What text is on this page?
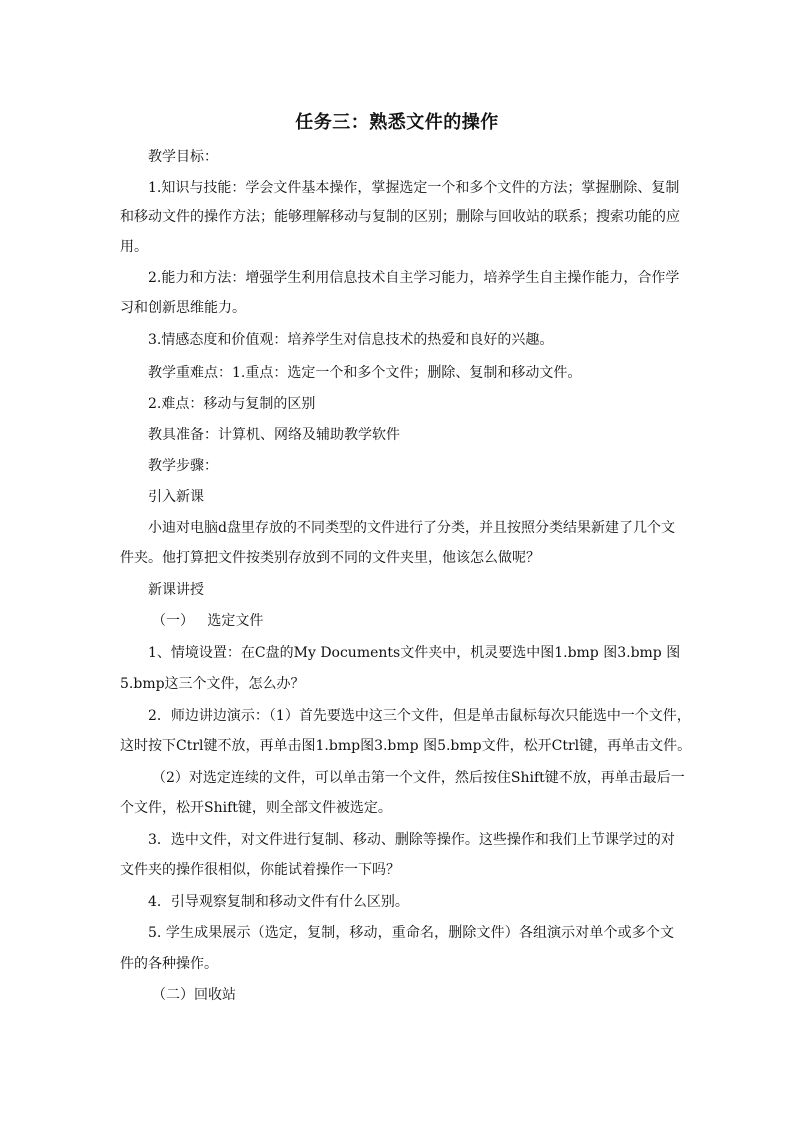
任务三：熟悉文件的操作
教学目标：
1.知识与技能：学会文件基本操作，掌握选定一个和多个文件的方法；掌握删除、复制
和移动文件的操作方法；能够理解移动与复制的区别；删除与回收站的联系；搜索功能的应
用。
2.能力和方法：增强学生利用信息技术自主学习能力，培养学生自主操作能力，合作学
习和创新思维能力。
3.情感态度和价值观：培养学生对信息技术的热爱和良好的兴趣。
教学重难点：1.重点：选定一个和多个文件；删除、复制和移动文件。
2.难点：移动与复制的区别
教具准备：计算机、网络及辅助教学软件
教学步骤：
引入新课
小迪对电脑d盘里存放的不同类型的文件进行了分类，并且按照分类结果新建了几个文
件夹。他打算把文件按类别存放到不同的文件夹里，他该怎么做呢？
新课讲授
（一）   选定文件
1、情境设置：在C盘的My Documents文件夹中，机灵要选中图1.bmp 图3.bmp 图
5.bmp这三个文件，怎么办？
2．师边讲边演示：（1）首先要选中这三个文件，但是单击鼠标每次只能选中一个文件，
这时按下Ctrl键不放，再单击图1.bmp图3.bmp 图5.bmp文件，松开Ctrl键，再单击文件。
（2）对选定连续的文件，可以单击第一个文件，然后按住Shift键不放，再单击最后一
个文件，松开Shift键，则全部文件被选定。
3．选中文件，对文件进行复制、移动、删除等操作。这些操作和我们上节课学过的对
文件夹的操作很相似，你能试着操作一下吗？
4．引导观察复制和移动文件有什么区别。
5. 学生成果展示（选定，复制，移动，重命名，删除文件）各组演示对单个或多个文
件的各种操作。
（二）回收站
